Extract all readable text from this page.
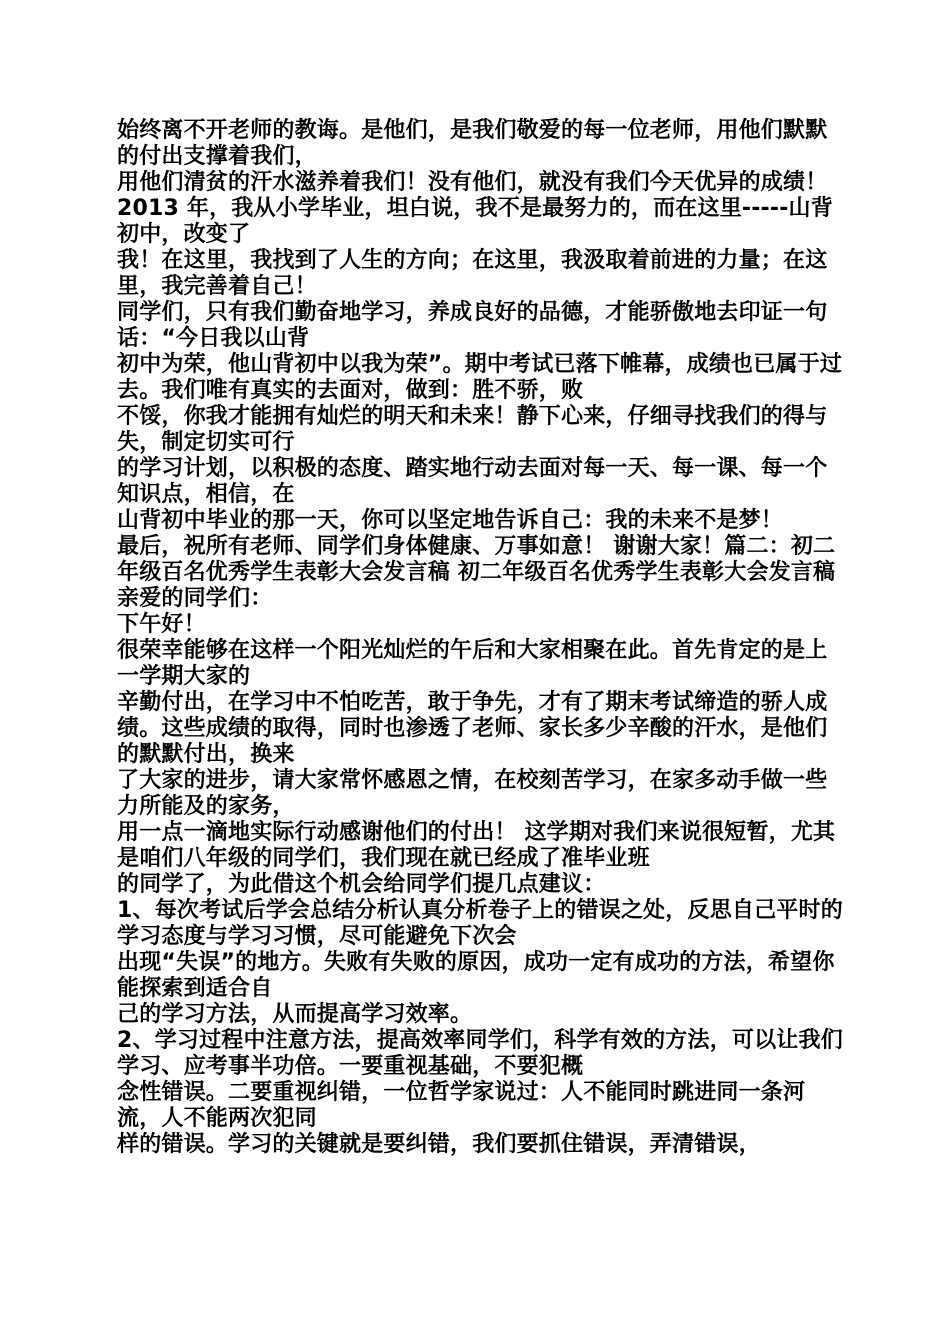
始终离不开老师的教诲。是他们，是我们敬爱的每一位老师，用他们默默的付出支撑着我们，

用他们清贫的汗水滋养着我们！没有他们，就没有我们今天优异的成绩！ 2013 年，我从小学毕业，坦白说，我不是最努力的，而在这里-----山背初中，改变了

我！在这里，我找到了人生的方向；在这里，我汲取着前进的力量；在这里，我完善着自己！

同学们，只有我们勤奋地学习，养成良好的品德，才能骄傲地去印证一句话：“今日我以山背

初中为荣，他山背初中以我为荣”。期中考试已落下帷幕，成绩也已属于过去。我们唯有真实的去面对，做到：胜不骄，败

不馁，你我才能拥有灿烂的明天和未来！静下心来，仔细寻找我们的得与失，制定切实可行

的学习计划，以积极的态度、踏实地行动去面对每一天、每一课、每一个知识点，相信，在

山背初中毕业的那一天，你可以坚定地告诉自己：我的未来不是梦！

最后，祝所有老师、同学们身体健康、万事如意！ 谢谢大家！篇二：初二年级百名优秀学生表彰大会发言稿 初二年级百名优秀学生表彰大会发言稿亲爱的同学们：

下午好！

很荣幸能够在这样一个阳光灿烂的午后和大家相聚在此。首先肯定的是上一学期大家的

辛勤付出，在学习中不怕吃苦，敢于争先，才有了期末考试缔造的骄人成绩。这些成绩的取得，同时也渗透了老师、家长多少辛酸的汗水，是他们的默默付出，换来

了大家的进步，请大家常怀感恩之情，在校刻苦学习，在家多动手做一些力所能及的家务，

用一点一滴地实际行动感谢他们的付出！ 这学期对我们来说很短暂，尤其是咱们八年级的同学们，我们现在就已经成了准毕业班

的同学了，为此借这个机会给同学们提几点建议：

1、每次考试后学会总结分析认真分析卷子上的错误之处，反思自己平时的学习态度与学习习惯，尽可能避免下次会

出现“失误”的地方。失败有失败的原因，成功一定有成功的方法，希望你能探索到适合自

己的学习方法，从而提高学习效率。

2、学习过程中注意方法，提高效率同学们，科学有效的方法，可以让我们学习、应考事半功倍。一要重视基础，不要犯概

念性错误。二要重视纠错，一位哲学家说过：人不能同时跳进同一条河流，人不能两次犯同

样的错误。学习的关键就是要纠错，我们要抓住错误，弄清错误，
